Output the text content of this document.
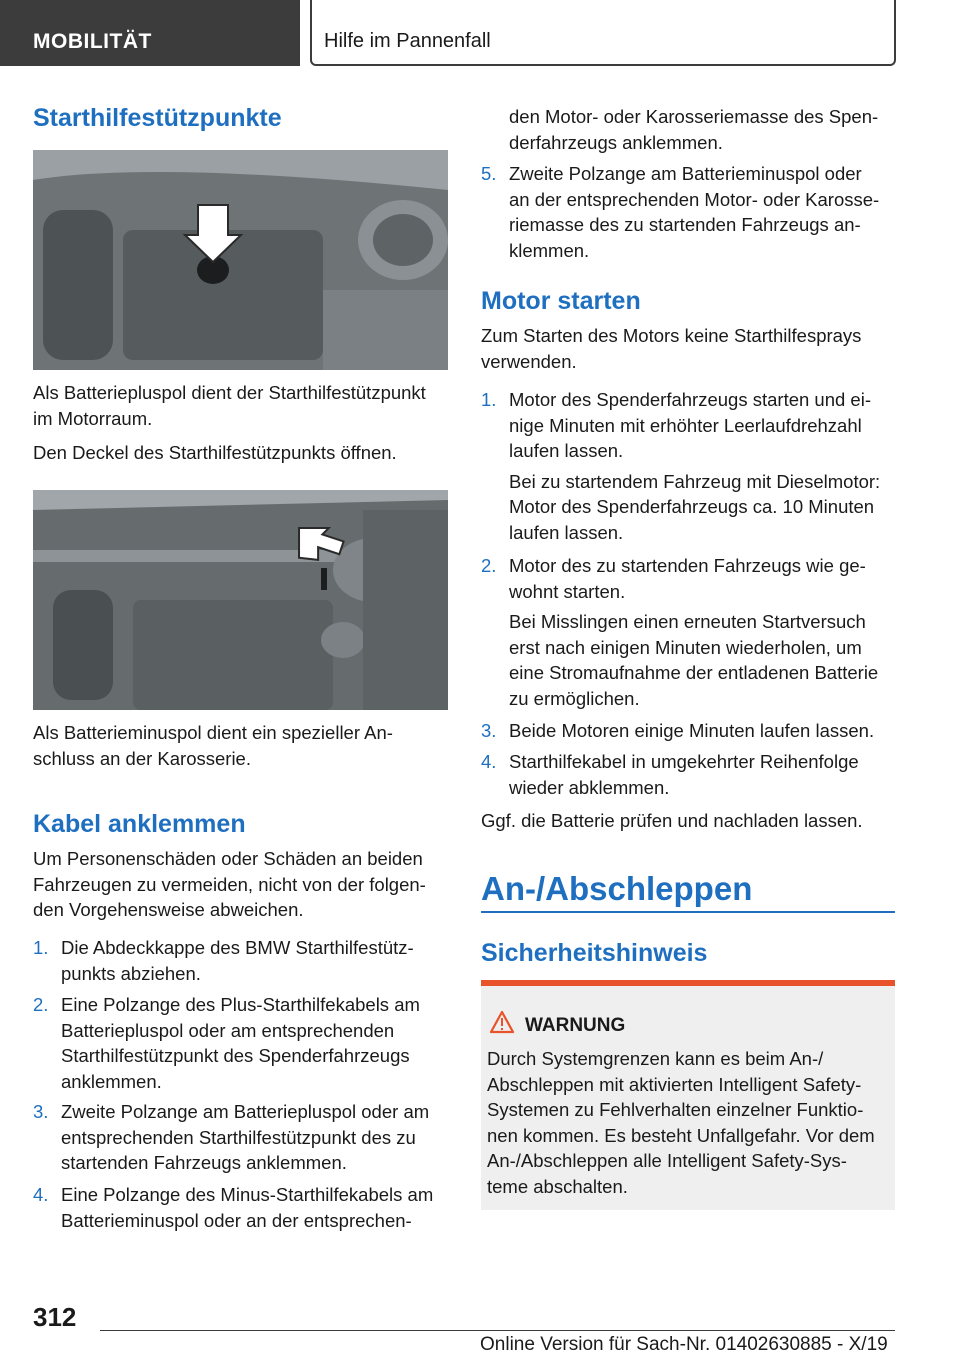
MOBILITÄT	Hilfe im Pannenfall
Starthilfestützpunkte
Als Batteriepluspol dient der Starthilfestützpunkt
im Motorraum.
Den Deckel des Starthilfestützpunkts öffnen.
Als Batterieminuspol dient ein spezieller An-
schluss an der Karosserie.
Kabel anklemmen
Um Personenschäden oder Schäden an beiden
Fahrzeugen zu vermeiden, nicht von der folgen-
den Vorgehensweise abweichen.
1. Die Abdeckkappe des BMW Starthilfestütz-
punkts abziehen.
2. Eine Polzange des Plus-Starthilfekabels am
Batteriepluspol oder am entsprechenden
Starthilfestützpunkt des Spenderfahrzeugs
anklemmen.
3. Zweite Polzange am Batteriepluspol oder am
entsprechenden Starthilfestützpunkt des zu
startenden Fahrzeugs anklemmen.
4. Eine Polzange des Minus-Starthilfekabels am
Batterieminuspol oder an der entsprechen-
den Motor- oder Karosseriemasse des Spen-
derfahrzeugs anklemmen.
5. Zweite Polzange am Batterieminuspol oder
an der entsprechenden Motor- oder Karosse-
riemasse des zu startenden Fahrzeugs an-
klemmen.
Motor starten
Zum Starten des Motors keine Starthilfesprays
verwenden.
1. Motor des Spenderfahrzeugs starten und ei-
nige Minuten mit erhöhter Leerlaufdrehzahl
laufen lassen.
Bei zu startendem Fahrzeug mit Dieselmotor:
Motor des Spenderfahrzeugs ca. 10 Minuten
laufen lassen.
2. Motor des zu startenden Fahrzeugs wie ge-
wohnt starten.
Bei Misslingen einen erneuten Startversuch
erst nach einigen Minuten wiederholen, um
eine Stromaufnahme der entladenen Batterie
zu ermöglichen.
3. Beide Motoren einige Minuten laufen lassen.
4. Starthilfekabel in umgekehrter Reihenfolge
wieder abklemmen.
Ggf. die Batterie prüfen und nachladen lassen.
An-/Abschleppen
Sicherheitshinweis
WARNUNG
Durch Systemgrenzen kann es beim An-/
Abschleppen mit aktivierten Intelligent Safety-
Systemen zu Fehlverhalten einzelner Funktio-
nen kommen. Es besteht Unfallgefahr. Vor dem
An-/Abschleppen alle Intelligent Safety-Sys-
teme abschalten.
312
Online Version für Sach-Nr. 01402630885 - X/19
